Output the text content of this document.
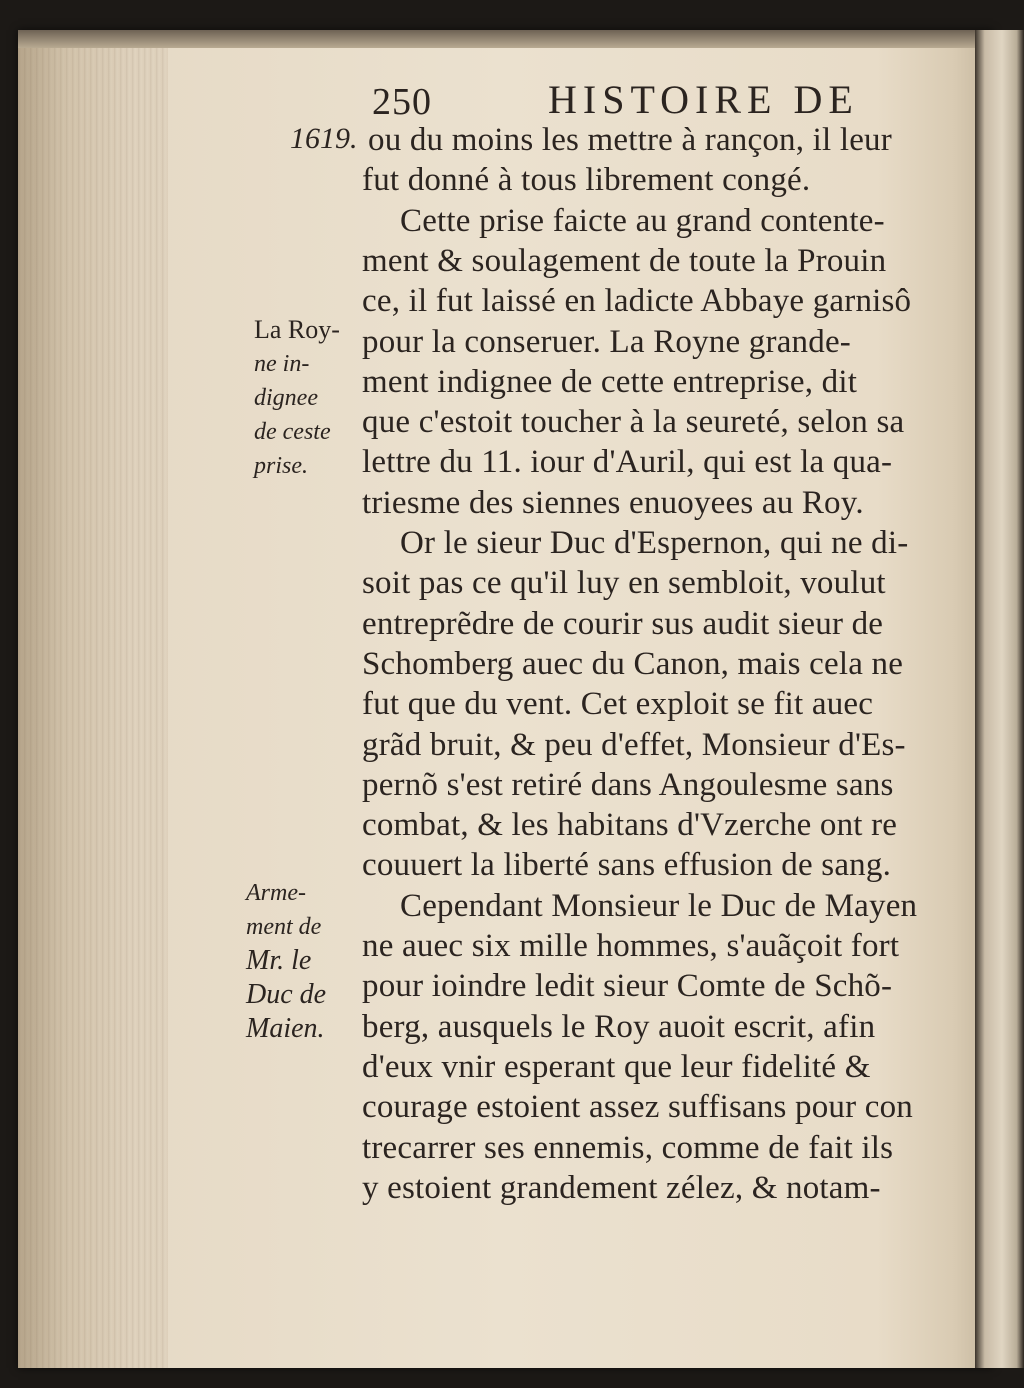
250	HISTOIRE DE
1619. ou du moins les mettre à rançon, il leur
fut donné à tous librement congé.
Cette prise faicte au grand contente-
ment & soulagement de toute la Prouin
ce, il fut laissé en ladicte Abbaye garnisô
pour la conseruer. La Royne grande-
ment indignee de cette entreprise, dit
que c'estoit toucher à la seureté, selon sa
lettre du 11. iour d'Auril, qui est la qua-
triesme des siennes enuoyees au Roy.
Or le sieur Duc d'Espernon, qui ne di-
soit pas ce qu'il luy en sembloit, voulut
entreprẽdre de courir sus audit sieur de
Schomberg auec du Canon, mais cela ne
fut que du vent. Cet exploit se fit auec
grãd bruit, & peu d'effet, Monsieur d'Es-
pernõ s'est retiré dans Angoulesme sans
combat, & les habitans d'Vzerche ont re
couuert la liberté sans effusion de sang.
Cependant Monsieur le Duc de Mayen
ne auec six mille hommes, s'auãçoit fort
pour ioindre ledit sieur Comte de Schõ-
berg, ausquels le Roy auoit escrit, afin
d'eux vnir esperant que leur fidelité &
courage estoient assez suffisans pour con
trecarrer ses ennemis, comme de fait ils
y estoient grandement zélez, & notam-
La Roy-
ne in-
dignee
de ceste
prise.
Arme-
ment de
Mr. le
Duc de
Maien.
